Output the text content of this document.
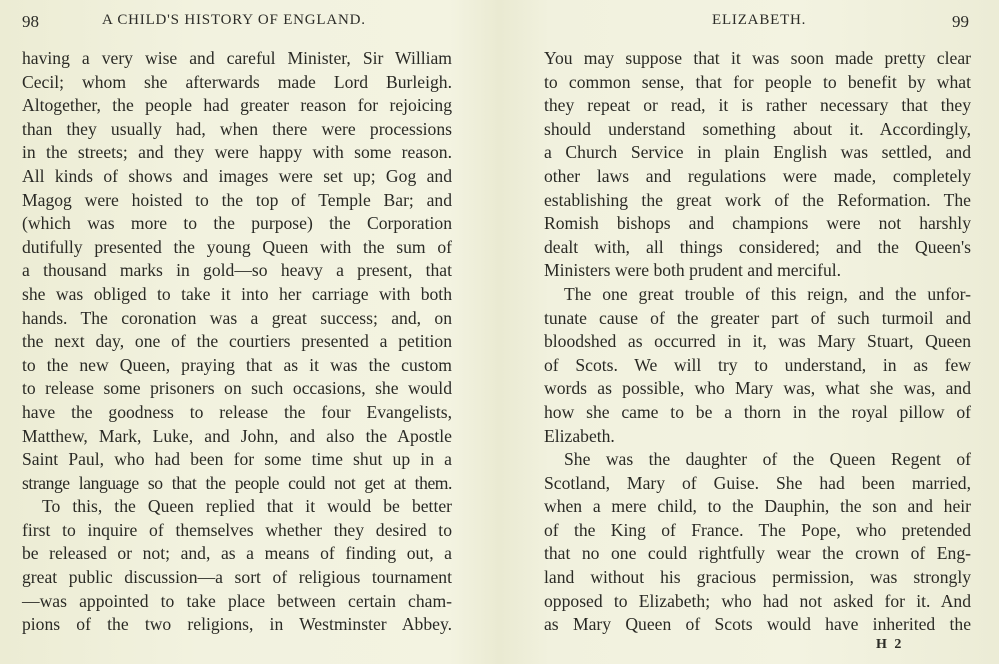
98	A CHILD'S HISTORY OF ENGLAND.
having a very wise and careful Minister, Sir William
Cecil; whom she afterwards made Lord Burleigh.
Altogether, the people had greater reason for rejoicing
than they usually had, when there were processions
in the streets; and they were happy with some reason.
All kinds of shows and images were set up; Gog and
Magog were hoisted to the top of Temple Bar; and
(which was more to the purpose) the Corporation
dutifully presented the young Queen with the sum of
a thousand marks in gold—so heavy a present, that
she was obliged to take it into her carriage with both
hands. The coronation was a great success; and, on
the next day, one of the courtiers presented a petition
to the new Queen, praying that as it was the custom
to release some prisoners on such occasions, she would
have the goodness to release the four Evangelists,
Matthew, Mark, Luke, and John, and also the Apostle
Saint Paul, who had been for some time shut up in a
strange language so that the people could not get at them.
To this, the Queen replied that it would be better
first to inquire of themselves whether they desired to
be released or not; and, as a means of finding out, a
great public discussion—a sort of religious tournament
—was appointed to take place between certain cham-
pions of the two religions, in Westminster Abbey.
ELIZABETH.	99
You may suppose that it was soon made pretty clear
to common sense, that for people to benefit by what
they repeat or read, it is rather necessary that they
should understand something about it. Accordingly,
a Church Service in plain English was settled, and
other laws and regulations were made, completely
establishing the great work of the Reformation. The
Romish bishops and champions were not harshly
dealt with, all things considered; and the Queen's
Ministers were both prudent and merciful.
The one great trouble of this reign, and the unfor-
tunate cause of the greater part of such turmoil and
bloodshed as occurred in it, was Mary Stuart, Queen
of Scots. We will try to understand, in as few
words as possible, who Mary was, what she was, and
how she came to be a thorn in the royal pillow of
Elizabeth.
She was the daughter of the Queen Regent of
Scotland, Mary of Guise. She had been married,
when a mere child, to the Dauphin, the son and heir
of the King of France. The Pope, who pretended
that no one could rightfully wear the crown of Eng-
land without his gracious permission, was strongly
opposed to Elizabeth; who had not asked for it. And
as Mary Queen of Scots would have inherited the
H 2
